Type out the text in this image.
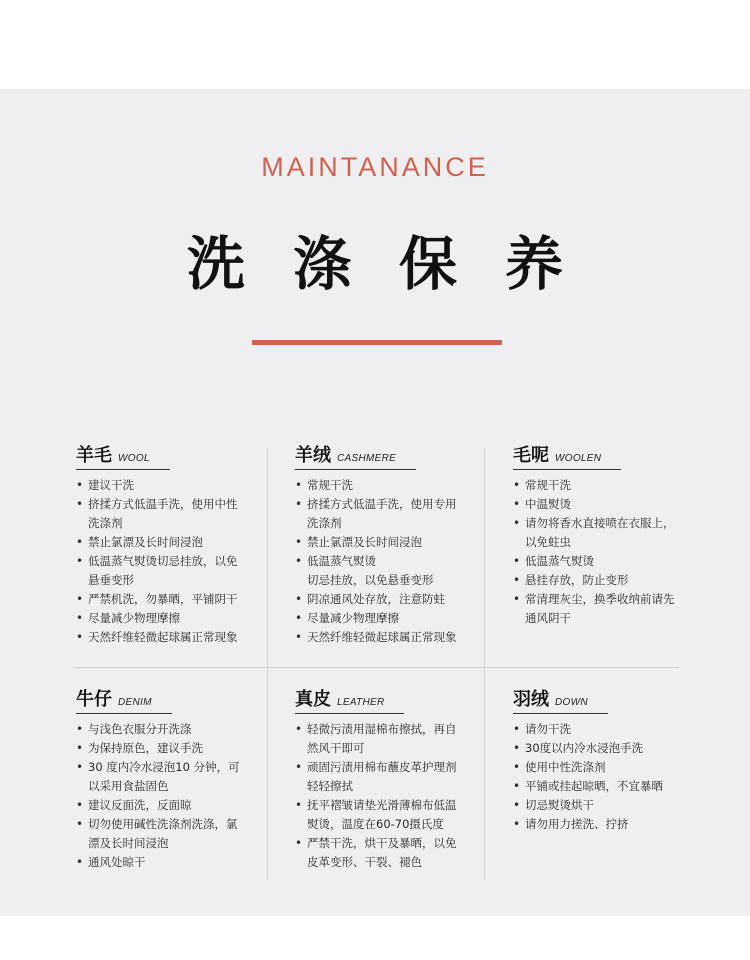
MAINTANANCE
洗涤保养
羊毛 WOOL
• 建议干洗
• 挤揉方式低温手洗，使用中性
洗涤剂
• 禁止氯漂及长时间浸泡
• 低温蒸气熨烫切忌挂放，以免
悬垂变形
• 严禁机洗，勿暴晒，平铺阴干
• 尽量减少物理摩擦
• 天然纤维轻微起球属正常现象
羊绒 CASHMERE
• 常规干洗
• 挤揉方式低温手洗，使用专用
洗涤剂
• 禁止氯漂及长时间浸泡
• 低温蒸气熨烫
切忌挂放，以免悬垂变形
• 阴凉通风处存放，注意防蛀
• 尽量减少物理摩擦
• 天然纤维轻微起球属正常现象
毛呢 WOOLEN
• 常规干洗
• 中温熨烫
• 请勿将香水直接喷在衣服上，
以免蛀虫
• 低温蒸气熨烫
• 悬挂存放，防止变形
• 常清理灰尘，换季收纳前请先
通风阴干
牛仔 DENIM
• 与浅色衣服分开洗涤
• 为保持原色，建议手洗
• 30 度内冷水浸泡10 分钟，可
以采用食盐固色
• 建议反面洗，反面晾
• 切勿使用碱性洗涤剂洗涤，氯
漂及长时间浸泡
• 通风处晾干
真皮 LEATHER
• 轻微污渍用湿棉布擦拭，再自
然风干即可
• 顽固污渍用棉布蘸皮革护理剂
轻轻擦拭
• 抚平褶皱请垫光滑薄棉布低温
熨烫，温度在60-70摄氏度
• 严禁干洗，烘干及暴晒，以免
皮革变形、干裂、褪色
羽绒 DOWN
• 请勿干洗
• 30度以内冷水浸泡手洗
• 使用中性洗涤剂
• 平铺或挂起晾晒，不宜暴晒
• 切忌熨烫烘干
• 请勿用力搓洗、拧挤
